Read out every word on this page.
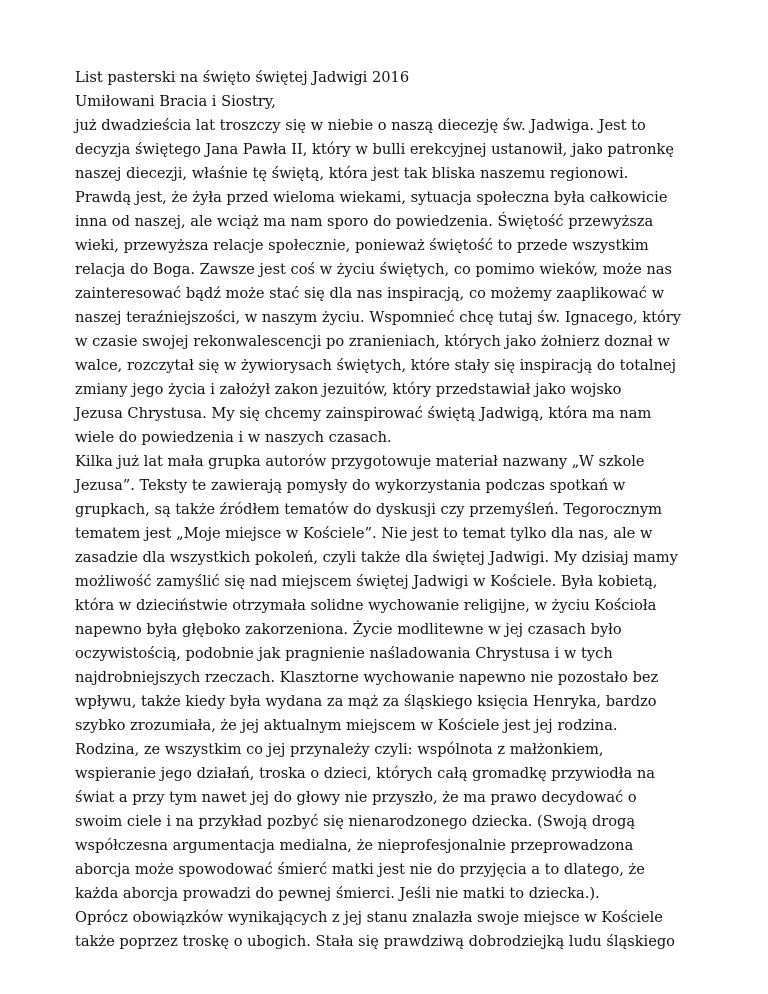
List pasterski na święto świętej Jadwigi 2016
Umiłowani Bracia i Siostry,
już dwadzieścia lat troszczy się w niebie o naszą diecezję św. Jadwiga. Jest to
decyzja świętego Jana Pawła II, który w bulli erekcyjnej ustanowił, jako patronkę
naszej diecezji, właśnie tę świętą, która jest tak bliska naszemu regionowi.
Prawdą jest, że żyła przed wieloma wiekami, sytuacja społeczna była całkowicie
inna od naszej, ale wciąż ma nam sporo do powiedzenia. Świętość przewyższa
wieki, przewyższa relacje społecznie, ponieważ świętość to przede wszystkim
relacja do Boga. Zawsze jest coś w życiu świętych, co pomimo wieków, może nas
zainteresować bądź może stać się dla nas inspiracją, co możemy zaaplikować w
naszej teraźniejszości, w naszym życiu. Wspomnieć chcę tutaj św. Ignacego, który
w czasie swojej rekonwalescencji po zranieniach, których jako żołnierz doznał w
walce, rozczytał się w żywiorysach świętych, które stały się inspiracją do totalnej
zmiany jego życia i założył zakon jezuitów, który przedstawiał jako wojsko
Jezusa Chrystusa. My się chcemy zainspirować świętą Jadwigą, która ma nam
wiele do powiedzenia i w naszych czasach.
Kilka już lat mała grupka autorów przygotowuje materiał nazwany „W szkole
Jezusa”. Teksty te zawierają pomysły do wykorzystania podczas spotkań w
grupkach, są także źródłem tematów do dyskusji czy przemyśleń. Tegorocznym
tematem jest „Moje miejsce w Kościele”. Nie jest to temat tylko dla nas, ale w
zasadzie dla wszystkich pokoleń, czyli także dla świętej Jadwigi. My dzisiaj mamy
możliwość zamyślić się nad miejscem świętej Jadwigi w Kościele. Była kobietą,
która w dzieciństwie otrzymała solidne wychowanie religijne, w życiu Kościoła
napewno była głęboko zakorzeniona. Życie modlitewne w jej czasach było
oczywistością, podobnie jak pragnienie naśladowania Chrystusa i w tych
najdrobniejszych rzeczach. Klasztorne wychowanie napewno nie pozostało bez
wpływu, także kiedy była wydana za mąż za śląskiego księcia Henryka, bardzo
szybko zrozumiała, że jej aktualnym miejscem w Kościele jest jej rodzina.
Rodzina, ze wszystkim co jej przynależy czyli: wspólnota z małżonkiem,
wspieranie jego działań, troska o dzieci, których całą gromadkę przywiodła na
świat a przy tym nawet jej do głowy nie przyszło, że ma prawo decydować o
swoim ciele i na przykład pozbyć się nienarodzonego dziecka. (Swoją drogą
współczesna argumentacja medialna, że nieprofesjonalnie przeprowadzona
aborcja może spowodować śmierć matki jest nie do przyjęcia a to dlatego, że
każda aborcja prowadzi do pewnej śmierci. Jeśli nie matki to dziecka.).
Oprócz obowiązków wynikających z jej stanu znalazła swoje miejsce w Kościele
także poprzez troskę o ubogich. Stała się prawdziwą dobrodziejką ludu śląskiego
